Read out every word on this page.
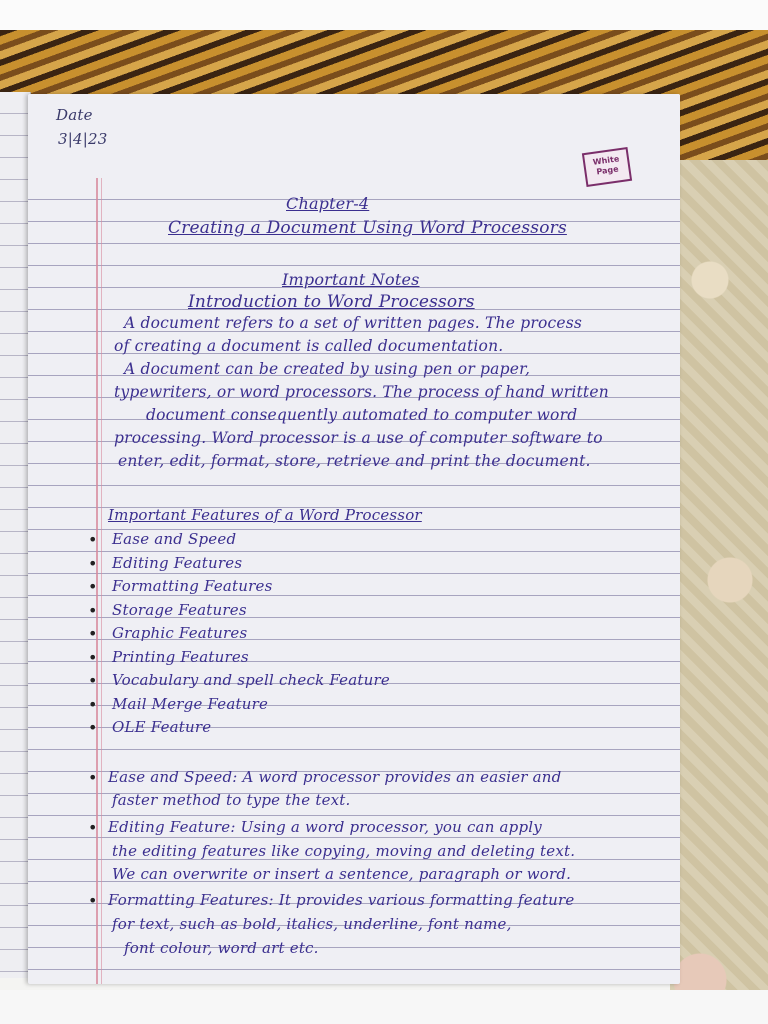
Date
3|4|23
White
Page
Chapter-4
Creating a Document Using Word Processors
Important Notes
Introduction to Word Processors
A document refers to a set of written pages. The process
of creating a document is called documentation.
A document can be created by using pen or paper,
typewriters, or word processors. The process of hand written
document consequently automated to computer word
processing. Word processor is a use of computer software to
enter, edit, format, store, retrieve and print the document.
Important Features of a Word Processor
• Ease and Speed
• Editing Features
• Formatting Features
• Storage Features
• Graphic Features
• Printing Features
• Vocabulary and spell check Feature
• Mail Merge Feature
• OLE Feature
• Ease and Speed: A word processor provides an easier and
faster method to type the text.
• Editing Feature: Using a word processor, you can apply
the editing features like copying, moving and deleting text.
We can overwrite or insert a sentence, paragraph or word.
• Formatting Features: It provides various formatting feature
for text, such as bold, italics, underline, font name,
font colour, word art etc.
